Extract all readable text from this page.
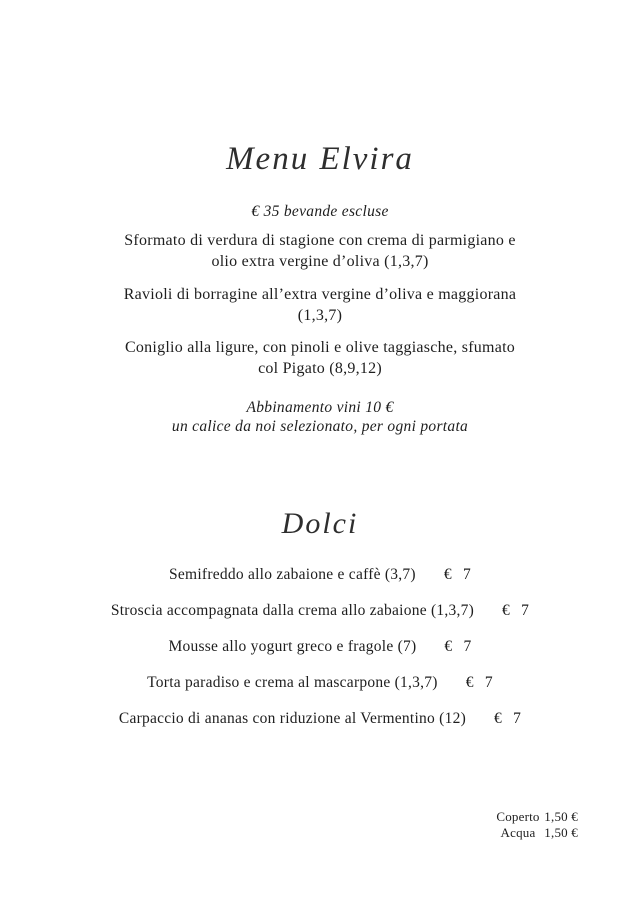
Menu Elvira
€ 35 bevande escluse
Sformato di verdura di stagione con crema di parmigiano e
olio extra vergine d’oliva (1,3,7)
Ravioli di borragine all’extra vergine d’oliva e maggiorana
(1,3,7)
Coniglio alla ligure, con pinoli e olive taggiasche, sfumato
col Pigato (8,9,12)
Abbinamento vini 10 €
un calice da noi selezionato, per ogni portata
Dolci
Semifreddo allo zabaione e caffè (3,7) € 7
Stroscia accompagnata dalla crema allo zabaione (1,3,7) € 7
Mousse allo yogurt greco e fragole (7) € 7
Torta paradiso e crema al mascarpone (1,3,7) € 7
Carpaccio di ananas con riduzione al Vermentino (12) € 7
Coperto 1,50 €
Acqua 1,50 €
